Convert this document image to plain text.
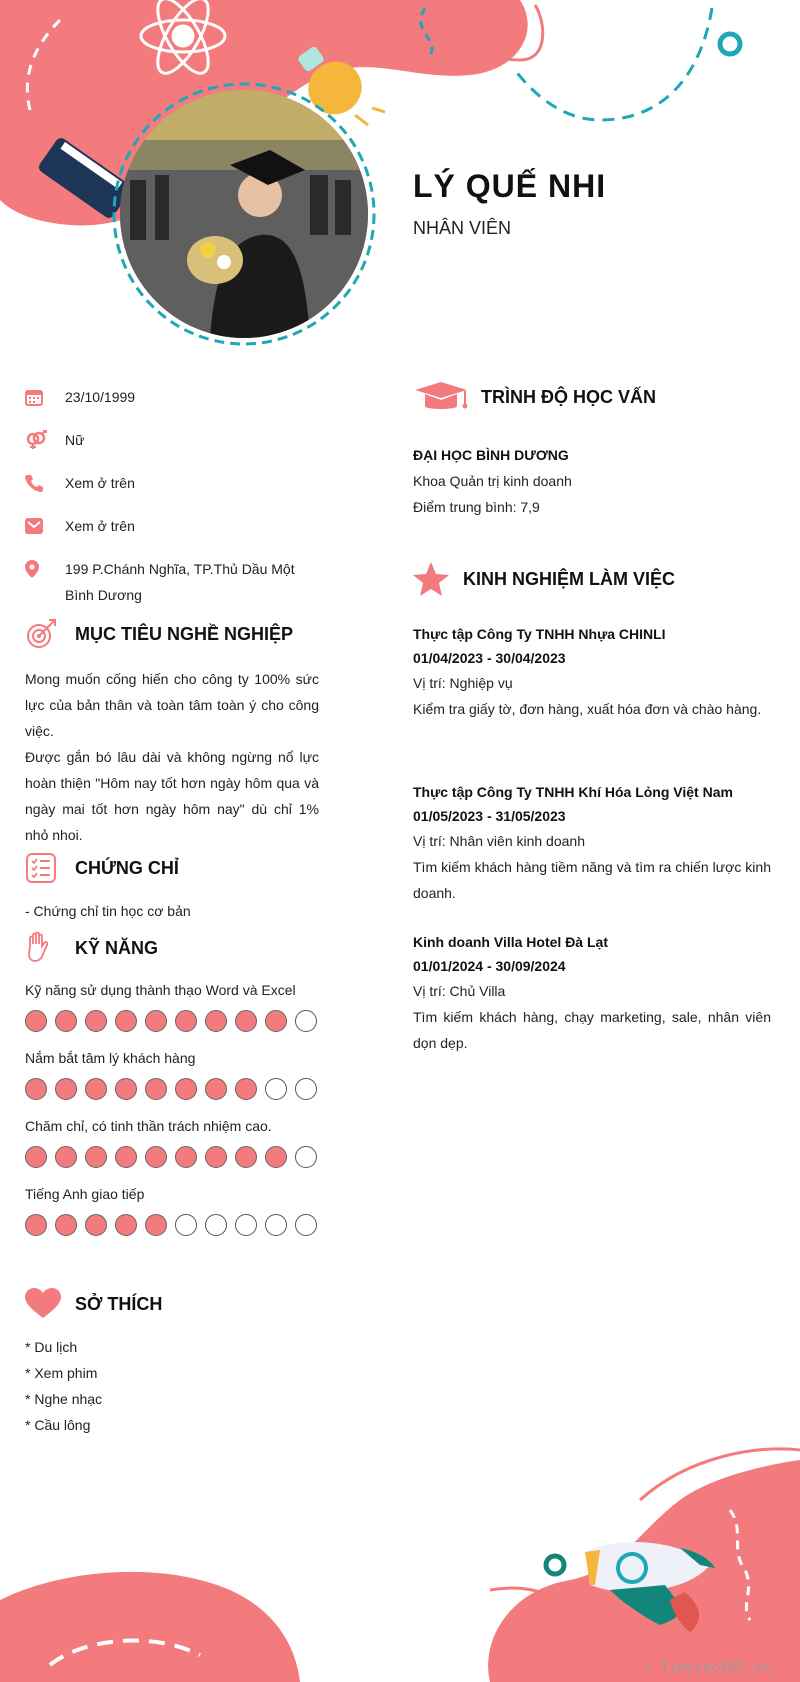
LÝ QUẾ NHI
NHÂN VIÊN
23/10/1999
Nữ
Xem ở trên
Xem ở trên
199 P.Chánh Nghĩa, TP.Thủ Dầu Một Bình Dương
MỤC TIÊU NGHỀ NGHIỆP
Mong muốn cống hiến cho công ty 100% sức lực của bản thân và toàn tâm toàn ý cho công việc.
Được gắn bó lâu dài và không ngừng nổ lực hoàn thiện "Hôm nay tốt hơn ngày hôm qua và ngày mai tốt hơn ngày hôm nay" dù chỉ 1% nhỏ nhoi.
CHỨNG CHỈ
- Chứng chỉ tin học cơ bản
KỸ NĂNG
Kỹ năng sử dụng thành thạo Word và Excel
Nắm bắt tâm lý khách hàng
Chăm chỉ, có tinh thần trách nhiệm cao.
Tiếng Anh giao tiếp
SỞ THÍCH
* Du lịch
* Xem phim
* Nghe nhạc
* Cầu lông
TRÌNH ĐỘ HỌC VẤN
ĐẠI HỌC BÌNH DƯƠNG
Khoa Quản trị kinh doanh
Điểm trung bình: 7,9
KINH NGHIỆM LÀM VIỆC
Thực tập Công Ty TNHH Nhựa CHINLI
01/04/2023 - 30/04/2023
Vị trí: Nghiệp vụ
Kiểm tra giấy tờ, đơn hàng, xuất hóa đơn và chào hàng.
Thực tập Công Ty TNHH Khí Hóa Lỏng Việt Nam
01/05/2023 - 31/05/2023
Vị trí: Nhân viên kinh doanh
Tìm kiếm khách hàng tiềm năng và tìm ra chiến lược kinh doanh.
Kinh doanh Villa Hotel Đà Lạt
01/01/2024 - 30/09/2024
Vị trí: Chủ Villa
Tìm kiếm khách hàng, chạy marketing, sale, nhân viên dọn dẹp.
∴ Timviec365.vn
